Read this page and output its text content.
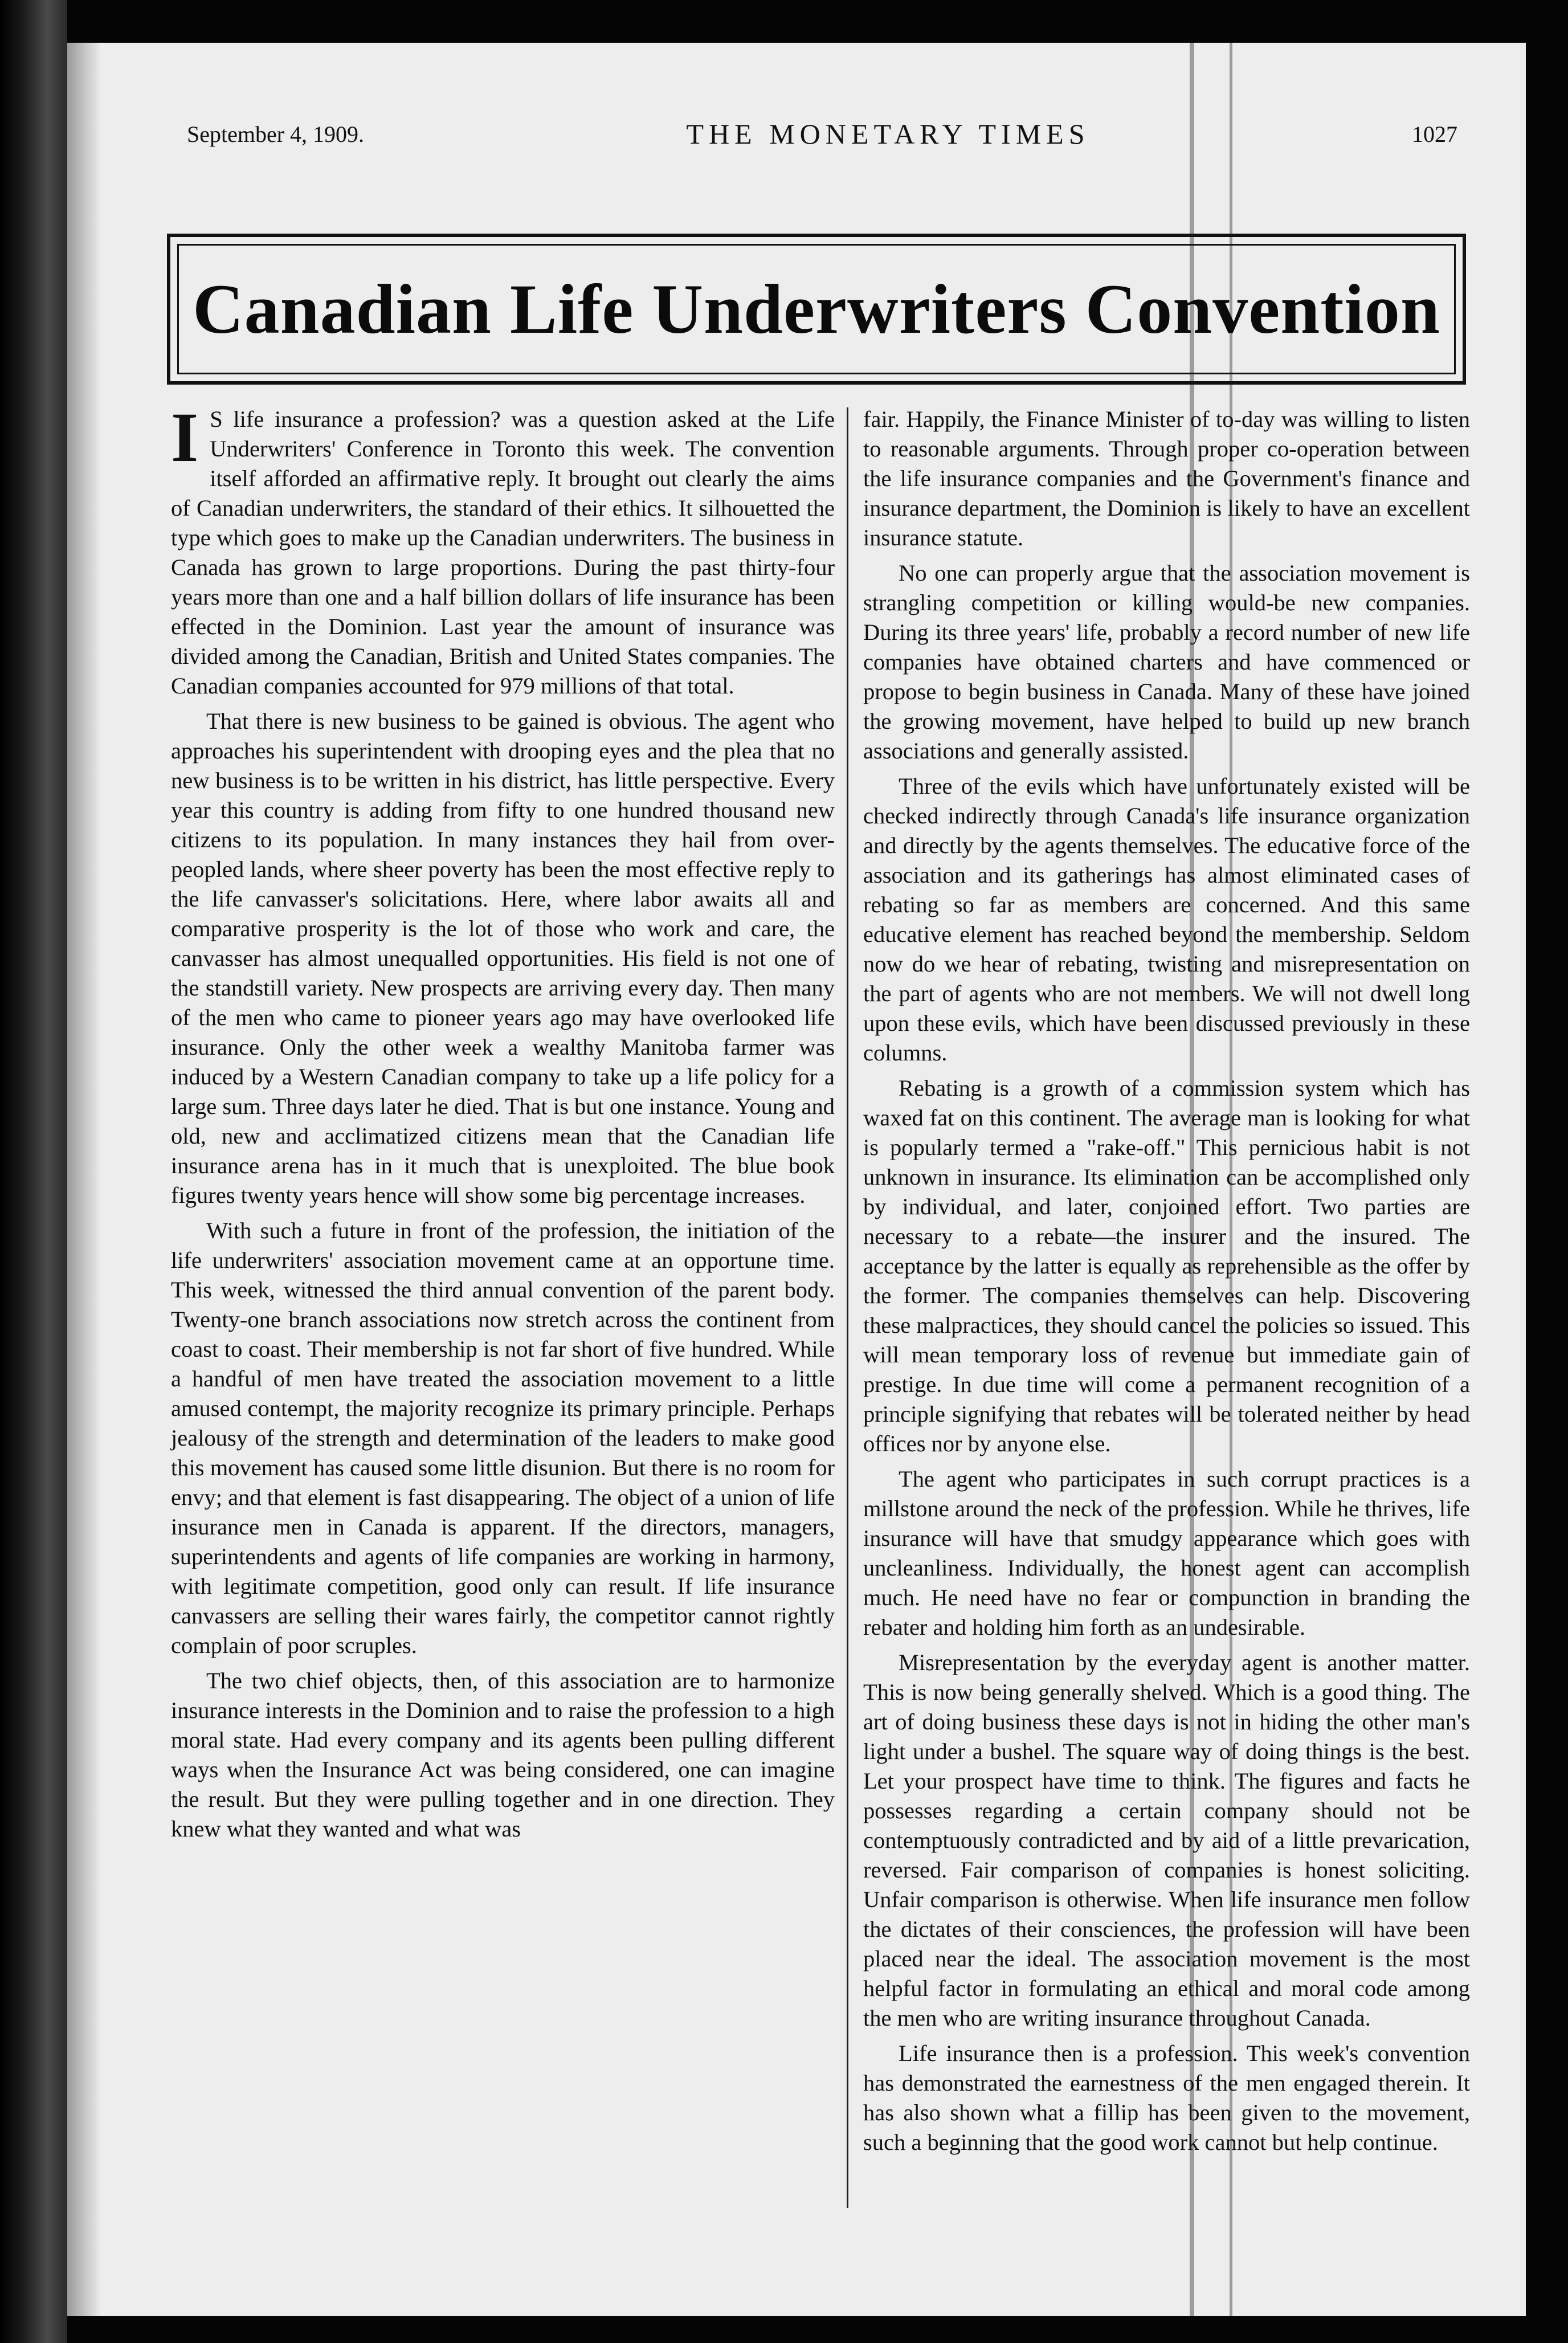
September 4, 1909.	THE MONETARY TIMES	1027
Canadian Life Underwriters Convention

I S life insurance a profession? was a question asked at the Life Underwriters' Conference in Toronto this week. The convention itself afforded an affirmative reply. It brought out clearly the aims of Canadian underwriters, the standard of their ethics. It silhouetted the type which goes to make up the Canadian underwriters. The business in Canada has grown to large proportions. During the past thirty-four years more than one and a half billion dollars of life insurance has been effected in the Dominion. Last year the amount of insurance was divided among the Canadian, British and United States companies. The Canadian companies accounted for 979 millions of that total.

That there is new business to be gained is obvious. The agent who approaches his superintendent with drooping eyes and the plea that no new business is to be written in his district, has little perspective. Every year this country is adding from fifty to one hundred thousand new citizens to its population. In many instances they hail from over-peopled lands, where sheer poverty has been the most effective reply to the life canvasser's solicitations. Here, where labor awaits all and comparative prosperity is the lot of those who work and care, the canvasser has almost unequalled opportunities. His field is not one of the standstill variety. New prospects are arriving every day. Then many of the men who came to pioneer years ago may have overlooked life insurance. Only the other week a wealthy Manitoba farmer was induced by a Western Canadian company to take up a life policy for a large sum. Three days later he died. That is but one instance. Young and old, new and acclimatized citizens mean that the Canadian life insurance arena has in it much that is unexploited. The blue book figures twenty years hence will show some big percentage increases.

With such a future in front of the profession, the initiation of the life underwriters' association movement came at an opportune time. This week, witnessed the third annual convention of the parent body. Twenty-one branch associations now stretch across the continent from coast to coast. Their membership is not far short of five hundred. While a handful of men have treated the association movement to a little amused contempt, the majority recognize its primary principle. Perhaps jealousy of the strength and determination of the leaders to make good this movement has caused some little disunion. But there is no room for envy; and that element is fast disappearing. The object of a union of life insurance men in Canada is apparent. If the directors, managers, superintendents and agents of life companies are working in harmony, with legitimate competition, good only can result. If life insurance canvassers are selling their wares fairly, the competitor cannot rightly complain of poor scruples.

The two chief objects, then, of this association are to harmonize insurance interests in the Dominion and to raise the profession to a high moral state. Had every company and its agents been pulling different ways when the Insurance Act was being considered, one can imagine the result. But they were pulling together and in one direction. They knew what they wanted and what was

fair. Happily, the Finance Minister of to-day was willing to listen to reasonable arguments. Through proper co-operation between the life insurance companies and the Government's finance and insurance department, the Dominion is likely to have an excellent insurance statute.

No one can properly argue that the association movement is strangling competition or killing would-be new companies. During its three years' life, probably a record number of new life companies have obtained charters and have commenced or propose to begin business in Canada. Many of these have joined the growing movement, have helped to build up new branch associations and generally assisted.

Three of the evils which have unfortunately existed will be checked indirectly through Canada's life insurance organization and directly by the agents themselves. The educative force of the association and its gatherings has almost eliminated cases of rebating so far as members are concerned. And this same educative element has reached beyond the membership. Seldom now do we hear of rebating, twisting and misrepresentation on the part of agents who are not members. We will not dwell long upon these evils, which have been discussed previously in these columns.

Rebating is a growth of a commission system which has waxed fat on this continent. The average man is looking for what is popularly termed a "rake-off." This pernicious habit is not unknown in insurance. Its elimination can be accomplished only by individual, and later, conjoined effort. Two parties are necessary to a rebate—the insurer and the insured. The acceptance by the latter is equally as reprehensible as the offer by the former. The companies themselves can help. Discovering these malpractices, they should cancel the policies so issued. This will mean temporary loss of revenue but immediate gain of prestige. In due time will come a permanent recognition of a principle signifying that rebates will be tolerated neither by head offices nor by anyone else.

The agent who participates in such corrupt practices is a millstone around the neck of the profession. While he thrives, life insurance will have that smudgy appearance which goes with uncleanliness. Individually, the honest agent can accomplish much. He need have no fear or compunction in branding the rebater and holding him forth as an undesirable.

Misrepresentation by the everyday agent is another matter. This is now being generally shelved. Which is a good thing. The art of doing business these days is not in hiding the other man's light under a bushel. The square way of doing things is the best. Let your prospect have time to think. The figures and facts he possesses regarding a certain company should not be contemptuously contradicted and by aid of a little prevarication, reversed. Fair comparison of companies is honest soliciting. Unfair comparison is otherwise. When life insurance men follow the dictates of their consciences, the profession will have been placed near the ideal. The association movement is the most helpful factor in formulating an ethical and moral code among the men who are writing insurance throughout Canada.

Life insurance then is a profession. This week's convention has demonstrated the earnestness of the men engaged therein. It has also shown what a fillip has been given to the movement, such a beginning that the good work cannot but help continue.
